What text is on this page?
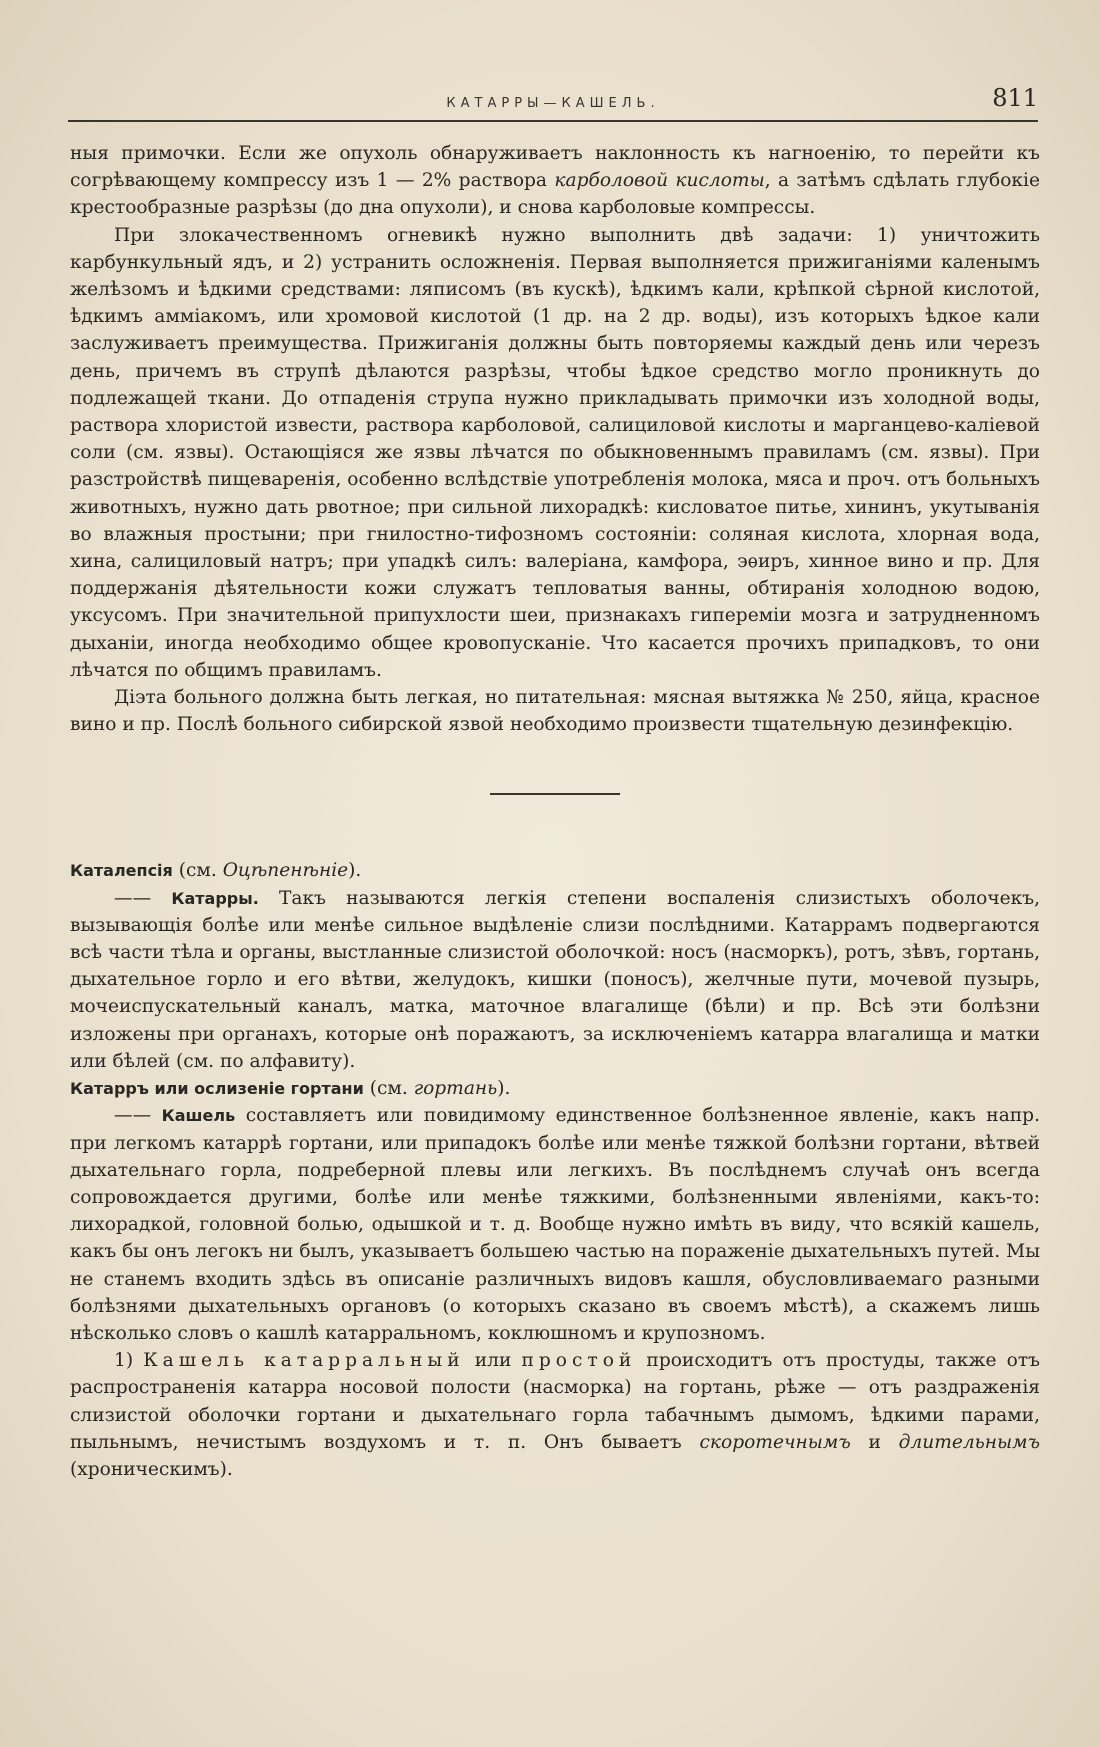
КАТАРРЫ—КАШЕЛЬ.	811

ныя примочки. Если же опухоль обнаруживаетъ наклонность къ нагноенію, то перейти къ согрѣвающему компрессу изъ 1 — 2% раствора карболовой кислоты, а затѣмъ сдѣлать глубокіе крестообразные разрѣзы (до дна опухоли), и снова карболовые компрессы.

При злокачественномъ огневикѣ нужно выполнить двѣ задачи: 1) уничтожить карбункульный ядъ, и 2) устранить осложненія. Первая выполняется прижиганіями каленымъ желѣзомъ и ѣдкими средствами: ляписомъ (въ кускѣ), ѣдкимъ кали, крѣпкой сѣрной кислотой, ѣдкимъ аммiакомъ, или хромовой кислотой (1 др. на 2 др. воды), изъ которыхъ ѣдкое кали заслуживаетъ преимущества. Прижиганія должны быть повторяемы каждый день или черезъ день, причемъ въ струпѣ дѣлаются разрѣзы, чтобы ѣдкое средство могло проникнуть до подлежащей ткани. До отпаденія струпа нужно прикладывать примочки изъ холодной воды, раствора хлористой извести, раствора карболовой, салициловой кислоты и марганцево-каліевой соли (см. язвы). Остающіяся же язвы лѣчатся по обыкновеннымъ правиламъ (см. язвы). При разстройствѣ пищеваренія, особенно вслѣдствіе употребленія молока, мяса и проч. отъ больныхъ животныхъ, нужно дать рвотное; при сильной лихорадкѣ: кисловатое питье, хининъ, укутыванія во влажныя простыни; при гнилостно-тифозномъ состояніи: соляная кислота, хлорная вода, хина, салициловый натръ; при упадкѣ силъ: валеріана, камфора, эѳиръ, хинное вино и пр. Для поддержанія дѣятельности кожи служатъ тепловатыя ванны, обтиранія холодною водою, уксусомъ. При значительной припухлости шеи, признакахъ гипереміи мозга и затрудненномъ дыханіи, иногда необходимо общее кровопусканіе. Что касается прочихъ припадковъ, то они лѣчатся по общимъ правиламъ.

Діэта больного должна быть легкая, но питательная: мясная вытяжка № 250, яйца, красное вино и пр. Послѣ больного сибирской язвой необходимо произвести тщательную дезинфекцію.

Каталепсія (см. Оцѣпенѣніе).

—— Катарры. Такъ называются легкія степени воспаленія слизистыхъ оболочекъ, вызывающія болѣе или менѣе сильное выдѣленіе слизи послѣдними. Катаррамъ подвергаются всѣ части тѣла и органы, выстланные слизистой оболочкой: носъ (насморкъ), ротъ, зѣвъ, гортань, дыхательное горло и его вѣтви, желудокъ, кишки (поносъ), желчные пути, мочевой пузырь, мочеиспускательный каналъ, матка, маточное влагалище (бѣли) и пр. Всѣ эти болѣзни изложены при органахъ, которые онѣ поражаютъ, за исключеніемъ катарра влагалища и матки или бѣлей (см. по алфавиту).

Катарръ или ослизеніе гортани (см. гортань).

—— Кашель составляетъ или повидимому единственное болѣзненное явленіе, какъ напр. при легкомъ катаррѣ гортани, или припадокъ болѣе или менѣе тяжкой болѣзни гортани, вѣтвей дыхательнаго горла, подреберной плевы или легкихъ. Въ послѣднемъ случаѣ онъ всегда сопровождается другими, болѣе или менѣе тяжкими, болѣзненными явленіями, какъ-то: лихорадкой, головной болью, одышкой и т. д. Вообще нужно имѣть въ виду, что всякій кашель, какъ бы онъ легокъ ни былъ, указываетъ большею частью на пораженіе дыхательныхъ путей. Мы не станемъ входить здѣсь въ описаніе различныхъ видовъ кашля, обусловливаемаго разными болѣзнями дыхательныхъ органовъ (о которыхъ сказано въ своемъ мѣстѣ), а скажемъ лишь нѣсколько словъ о кашлѣ катарральномъ, коклюшномъ и крупозномъ.

1) Кашель катарральный или простой происходитъ отъ простуды, также отъ распространенія катарра носовой полости (насморка) на гортань, рѣже — отъ раздраженія слизистой оболочки гортани и дыхательнаго горла табачнымъ дымомъ, ѣдкими парами, пыльнымъ, нечистымъ воздухомъ и т. п. Онъ бываетъ скоротечнымъ и длительнымъ (хроническимъ).
